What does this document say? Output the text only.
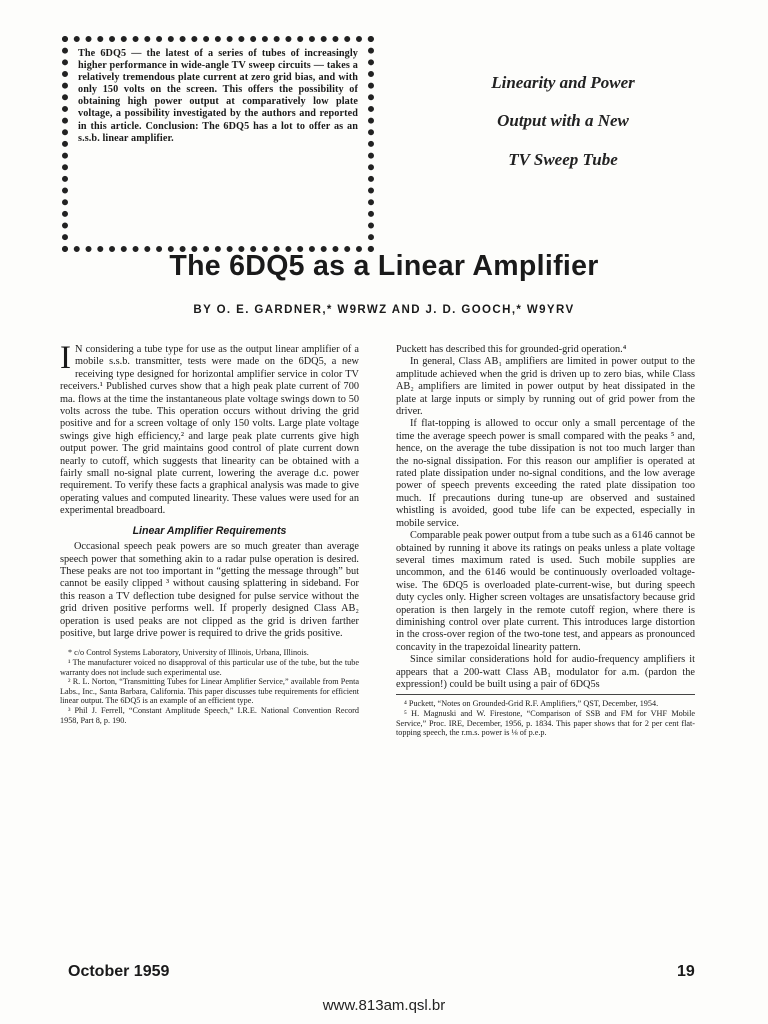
The 6DQ5 — the latest of a series of tubes of increasingly higher performance in wide-angle TV sweep circuits — takes a relatively tremendous plate current at zero grid bias, and with only 150 volts on the screen. This offers the possibility of obtaining high power output at comparatively low plate voltage, a possibility investigated by the authors and reported in this article. Conclusion: The 6DQ5 has a lot to offer as an s.s.b. linear amplifier.

Linearity and Power

Output with a New

TV Sweep Tube

The 6DQ5 as a Linear Amplifier

BY O. E. GARDNER,* W9RWZ AND J. D. GOOCH,* W9YRV

I N considering a tube type for use as the output linear amplifier of a mobile s.s.b. transmitter, tests were made on the 6DQ5, a new receiving type designed for horizontal amplifier service in color TV receivers.¹ Published curves show that a high peak plate current of 700 ma. flows at the time the instantaneous plate voltage swings down to 50 volts across the tube. This operation occurs without driving the grid positive and for a screen voltage of only 150 volts. Large plate voltage swings give high efficiency,² and large peak plate currents give high output power. The grid maintains good control of plate current down nearly to cutoff, which suggests that linearity can be obtained with a fairly small no-signal plate current, lowering the average d.c. power requirement. To verify these facts a graphical analysis was made to give operating values and computed linearity. These values were used for an experimental breadboard.

Linear Amplifier Requirements

Occasional speech peak powers are so much greater than average speech power that something akin to a radar pulse operation is desired. These peaks are not too important in “getting the message through” but cannot be easily clipped ³ without causing splattering in sideband. For this reason a TV deflection tube designed for pulse service without the grid driven positive performs well. If properly designed Class AB₂ operation is used peaks are not clipped as the grid is driven farther positive, but large drive power is required to drive the grids positive.

* c/o Control Systems Laboratory, University of Illinois, Urbana, Illinois.

¹ The manufacturer voiced no disapproval of this particular use of the tube, but the tube warranty does not include such experimental use.

² R. L. Norton, “Transmitting Tubes for Linear Amplifier Service,” available from Penta Labs., Inc., Santa Barbara, California. This paper discusses tube requirements for efficient linear output. The 6DQ5 is an example of an efficient type.

³ Phil J. Ferrell, “Constant Amplitude Speech,” I.R.E. National Convention Record 1958, Part 8, p. 190.

Puckett has described this for grounded-grid operation.⁴

In general, Class AB₁ amplifiers are limited in power output to the amplitude achieved when the grid is driven up to zero bias, while Class AB₂ amplifiers are limited in power output by heat dissipated in the plate at large inputs or simply by running out of grid power from the driver.

If flat-topping is allowed to occur only a small percentage of the time the average speech power is small compared with the peaks ⁵ and, hence, on the average the tube dissipation is not too much larger than the no-signal dissipation. For this reason our amplifier is operated at rated plate dissipation under no-signal conditions, and the low average power of speech prevents exceeding the rated plate dissipation too much. If precautions during tune-up are observed and sustained whistling is avoided, good tube life can be expected, especially in mobile service.

Comparable peak power output from a tube such as a 6146 cannot be obtained by running it above its ratings on peaks unless a plate voltage several times maximum rated is used. Such mobile supplies are uncommon, and the 6146 would be continuously overloaded voltage-wise. The 6DQ5 is overloaded plate-current-wise, but during speech duty cycles only. Higher screen voltages are unsatisfactory because grid operation is then largely in the remote cutoff region, where there is diminishing control over plate current. This introduces large distortion in the cross-over region of the two-tone test, and appears as pronounced concavity in the trapezoidal linearity pattern.

Since similar considerations hold for audio-frequency amplifiers it appears that a 200-watt Class AB₁ modulator for a.m. (pardon the expression!) could be built using a pair of 6DQ5s

⁴ Puckett, “Notes on Grounded-Grid R.F. Amplifiers,” QST, December, 1954.

⁵ H. Magnuski and W. Firestone, “Comparison of SSB and FM for VHF Mobile Service,” Proc. IRE, December, 1956, p. 1834. This paper shows that for 2 per cent flat-topping speech, the r.m.s. power is ⅛ of p.e.p.

October 1959	19

www.813am.qsl.br
